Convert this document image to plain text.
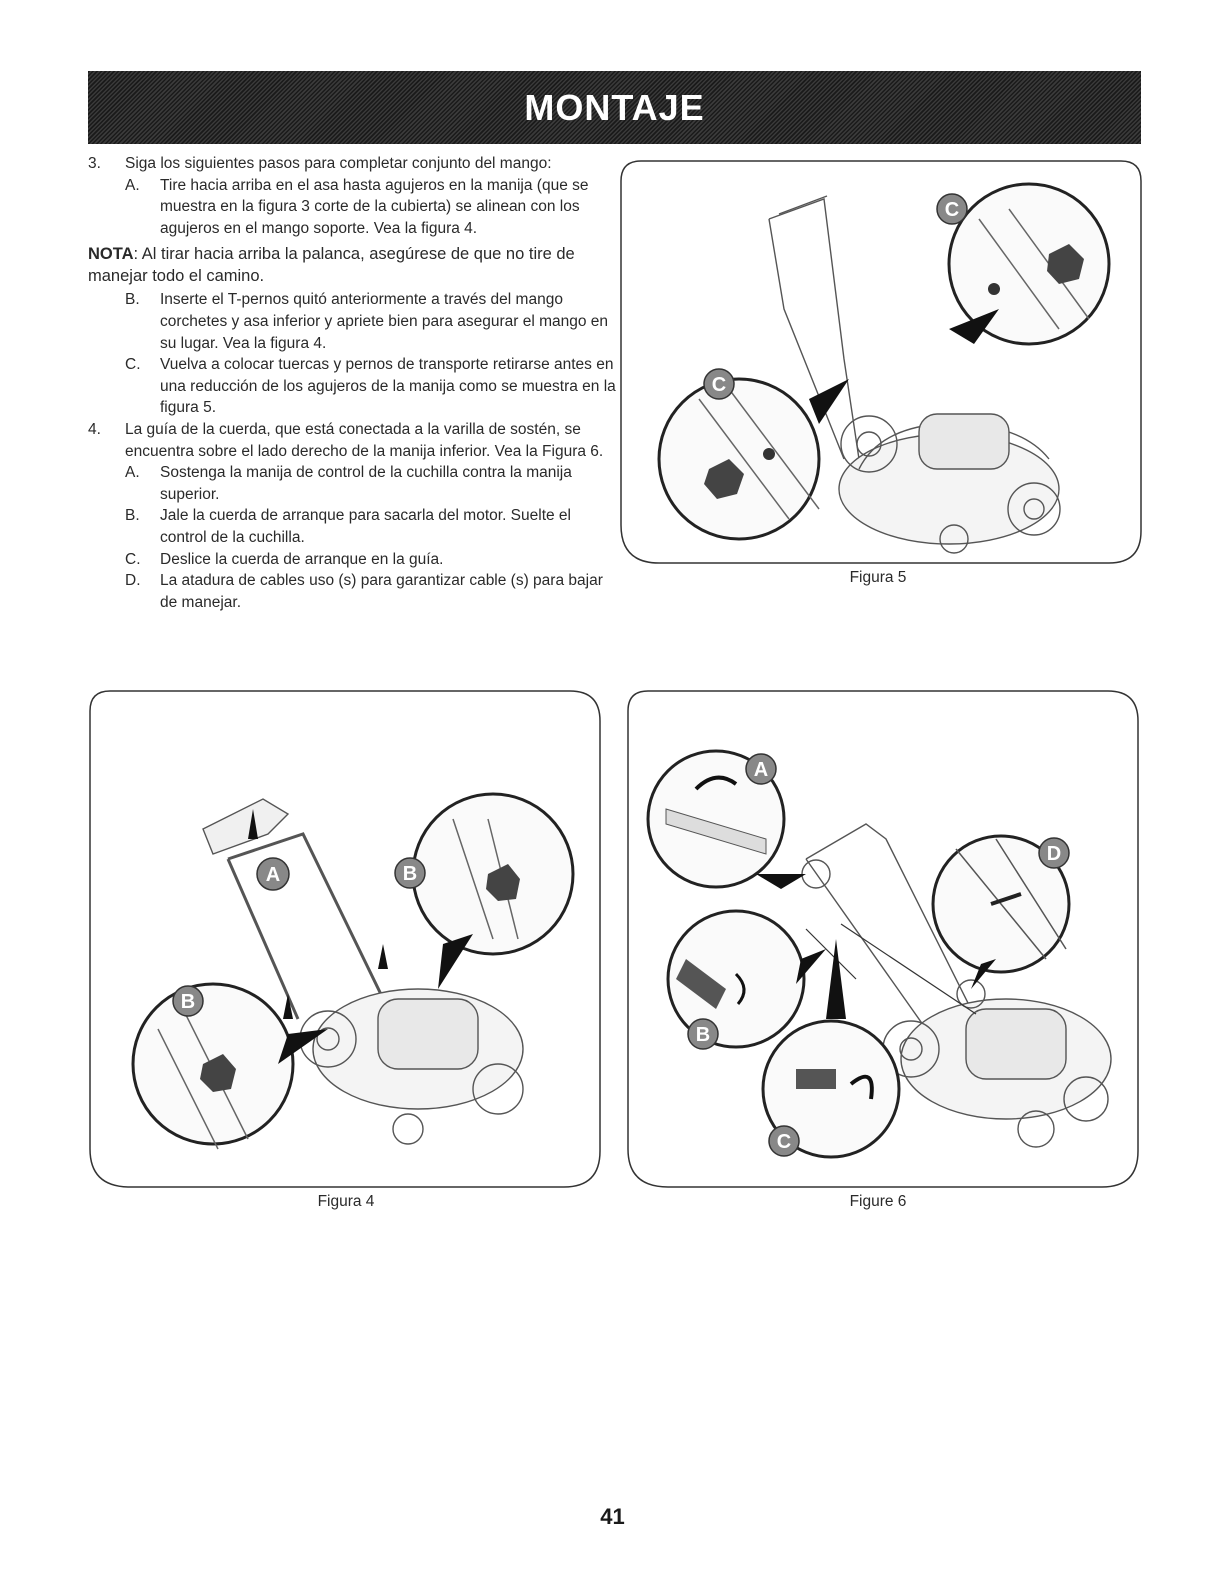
MONTAJE
3.	Siga los siguientes pasos para completar conjunto del mango:
A.	Tire hacia arriba en el asa hasta agujeros en la manija (que se muestra en la figura 3 corte de la cubierta) se alinean con los agujeros en el mango soporte. Vea la figura 4.
NOTA: Al tirar hacia arriba la palanca, asegúrese de que no tire de manejar todo el camino.
B.	Inserte el T-pernos quitó anteriormente a través del mango corchetes y asa inferior y apriete bien para asegurar el mango en su lugar. Vea la figura 4.
C.	Vuelva a colocar tuercas y pernos de transporte retirarse antes en una reducción de los agujeros de la manija como se muestra en la figura 5.
4.	La guía de la cuerda, que está conectada a la varilla de sostén, se encuentra sobre el lado derecho de la manija inferior. Vea la Figura 6.
A.	Sostenga la manija de control de la cuchilla contra la manija superior.
B.	Jale la cuerda de arranque para sacarla del motor. Suelte el control de la cuchilla.
C.	Deslice la cuerda de arranque en la guía.
D.	La atadura de cables uso (s) para garantizar cable (s) para bajar de manejar.
C
C
Figura 5
A	B
B
Figura 4
A
D
B
C
Figure 6
41
